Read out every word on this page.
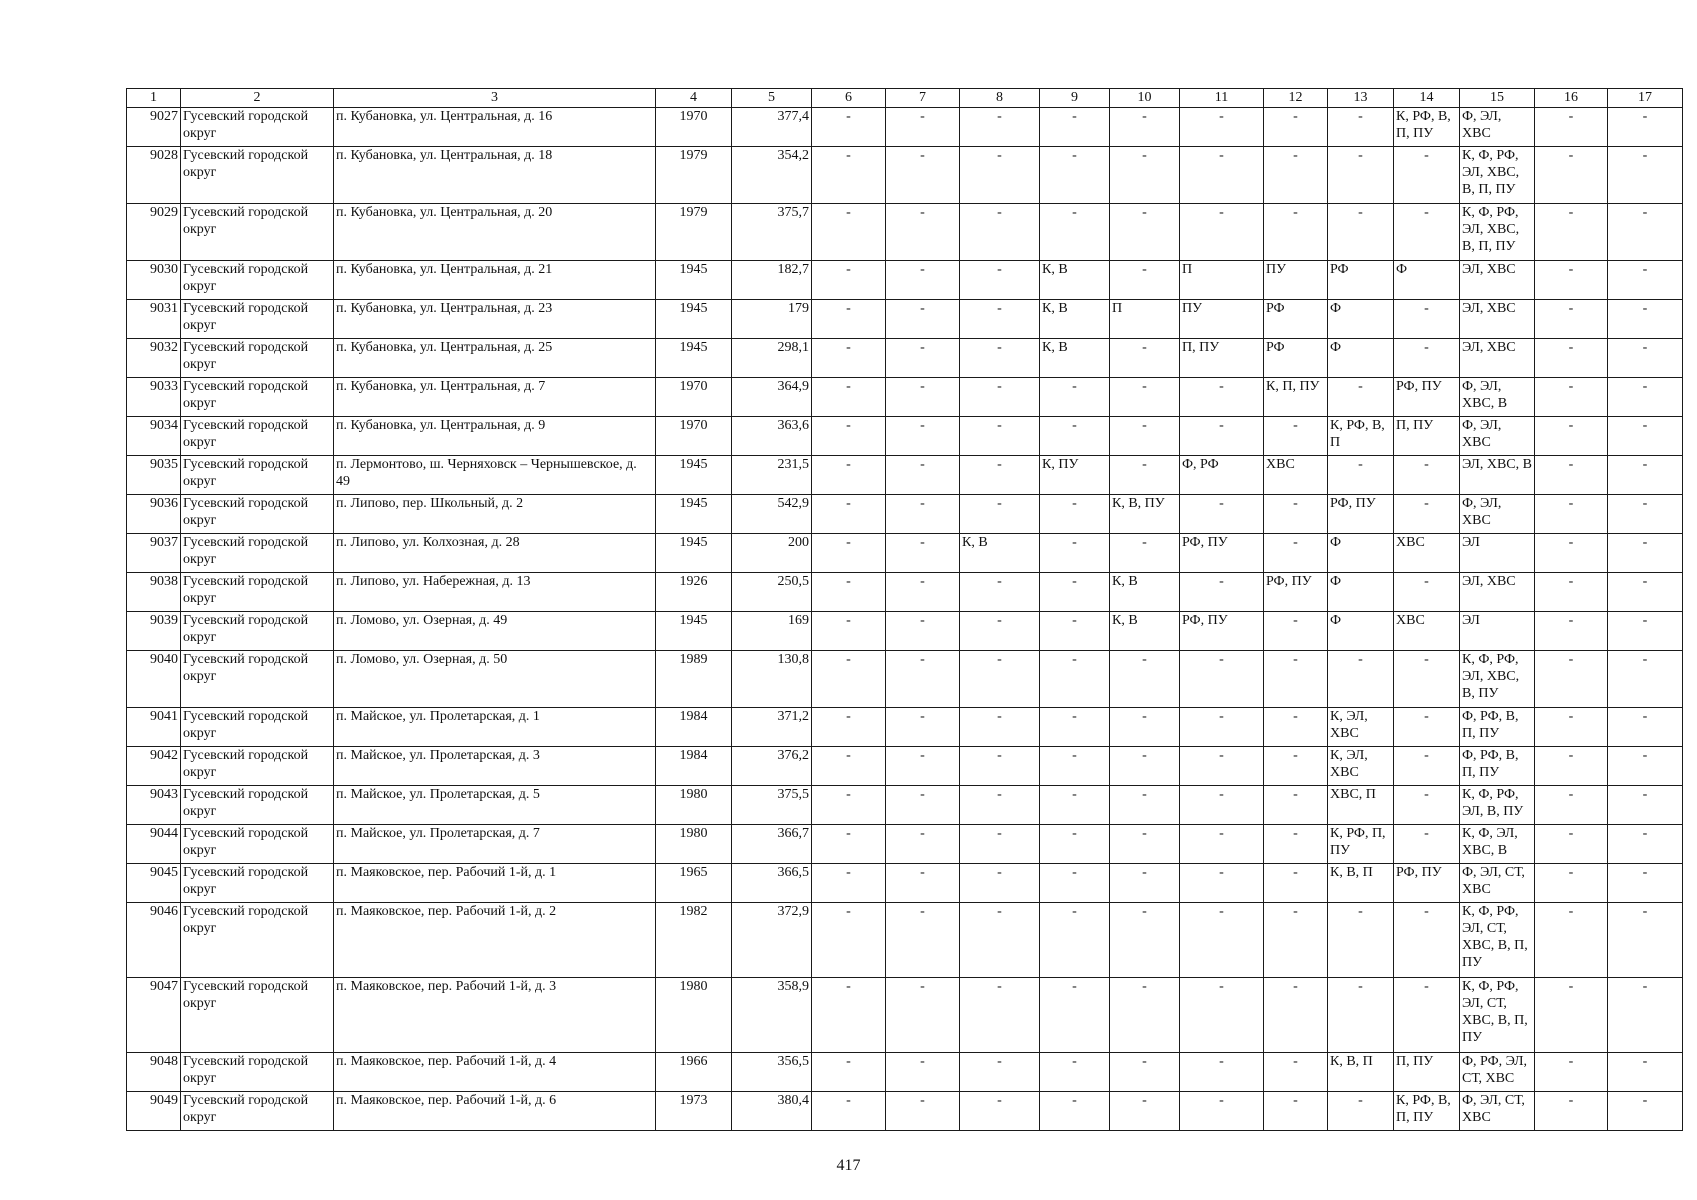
1	2	3	4	5	6	7	8	9	10	11	12	13	14	15	16	17
9027	Гусевский городской округ	п. Кубановка, ул. Центральная, д. 16	1970	377,4	-	-	-	-	-	-	-	-	К, РФ, В, П, ПУ	Ф, ЭЛ, ХВС	-	-
9028	Гусевский городской округ	п. Кубановка, ул. Центральная, д. 18	1979	354,2	-	-	-	-	-	-	-	-	-	К, Ф, РФ, ЭЛ, ХВС, В, П, ПУ	-	-
9029	Гусевский городской округ	п. Кубановка, ул. Центральная, д. 20	1979	375,7	-	-	-	-	-	-	-	-	-	К, Ф, РФ, ЭЛ, ХВС, В, П, ПУ	-	-
9030	Гусевский городской округ	п. Кубановка, ул. Центральная, д. 21	1945	182,7	-	-	-	К, В	-	П	ПУ	РФ	Ф	ЭЛ, ХВС	-	-
9031	Гусевский городской округ	п. Кубановка, ул. Центральная, д. 23	1945	179	-	-	-	К, В	П	ПУ	РФ	Ф	-	ЭЛ, ХВС	-	-
9032	Гусевский городской округ	п. Кубановка, ул. Центральная, д. 25	1945	298,1	-	-	-	К, В	-	П, ПУ	РФ	Ф	-	ЭЛ, ХВС	-	-
9033	Гусевский городской округ	п. Кубановка, ул. Центральная, д. 7	1970	364,9	-	-	-	-	-	-	К, П, ПУ	-	РФ, ПУ	Ф, ЭЛ, ХВС, В	-	-
9034	Гусевский городской округ	п. Кубановка, ул. Центральная, д. 9	1970	363,6	-	-	-	-	-	-	-	К, РФ, В, П	П, ПУ	Ф, ЭЛ, ХВС	-	-
9035	Гусевский городской округ	п. Лермонтово, ш. Черняховск – Чернышевское, д. 49	1945	231,5	-	-	-	К, ПУ	-	Ф, РФ	ХВС	-	-	ЭЛ, ХВС, В	-	-
9036	Гусевский городской округ	п. Липово, пер. Школьный, д. 2	1945	542,9	-	-	-	-	К, В, ПУ	-	-	РФ, ПУ	-	Ф, ЭЛ, ХВС	-	-
9037	Гусевский городской округ	п. Липово, ул. Колхозная, д. 28	1945	200	-	-	К, В	-	-	РФ, ПУ	-	Ф	ХВС	ЭЛ	-	-
9038	Гусевский городской округ	п. Липово, ул. Набережная, д. 13	1926	250,5	-	-	-	-	К, В	-	РФ, ПУ	Ф	-	ЭЛ, ХВС	-	-
9039	Гусевский городской округ	п. Ломово, ул. Озерная, д. 49	1945	169	-	-	-	-	К, В	РФ, ПУ	-	Ф	ХВС	ЭЛ	-	-
9040	Гусевский городской округ	п. Ломово, ул. Озерная, д. 50	1989	130,8	-	-	-	-	-	-	-	-	-	К, Ф, РФ, ЭЛ, ХВС, В, ПУ	-	-
9041	Гусевский городской округ	п. Майское, ул. Пролетарская, д. 1	1984	371,2	-	-	-	-	-	-	-	К, ЭЛ, ХВС	-	Ф, РФ, В, П, ПУ	-	-
9042	Гусевский городской округ	п. Майское, ул. Пролетарская, д. 3	1984	376,2	-	-	-	-	-	-	-	К, ЭЛ, ХВС	-	Ф, РФ, В, П, ПУ	-	-
9043	Гусевский городской округ	п. Майское, ул. Пролетарская, д. 5	1980	375,5	-	-	-	-	-	-	-	ХВС, П	-	К, Ф, РФ, ЭЛ, В, ПУ	-	-
9044	Гусевский городской округ	п. Майское, ул. Пролетарская, д. 7	1980	366,7	-	-	-	-	-	-	-	К, РФ, П, ПУ	-	К, Ф, ЭЛ, ХВС, В	-	-
9045	Гусевский городской округ	п. Маяковское, пер. Рабочий 1-й, д. 1	1965	366,5	-	-	-	-	-	-	-	К, В, П	РФ, ПУ	Ф, ЭЛ, СТ, ХВС	-	-
9046	Гусевский городской округ	п. Маяковское, пер. Рабочий 1-й, д. 2	1982	372,9	-	-	-	-	-	-	-	-	-	К, Ф, РФ, ЭЛ, СТ, ХВС, В, П, ПУ	-	-
9047	Гусевский городской округ	п. Маяковское, пер. Рабочий 1-й, д. 3	1980	358,9	-	-	-	-	-	-	-	-	-	К, Ф, РФ, ЭЛ, СТ, ХВС, В, П, ПУ	-	-
9048	Гусевский городской округ	п. Маяковское, пер. Рабочий 1-й, д. 4	1966	356,5	-	-	-	-	-	-	-	К, В, П	П, ПУ	Ф, РФ, ЭЛ, СТ, ХВС	-	-
9049	Гусевский городской округ	п. Маяковское, пер. Рабочий 1-й, д. 6	1973	380,4	-	-	-	-	-	-	-	-	К, РФ, В, П, ПУ	Ф, ЭЛ, СТ, ХВС	-	-
417
